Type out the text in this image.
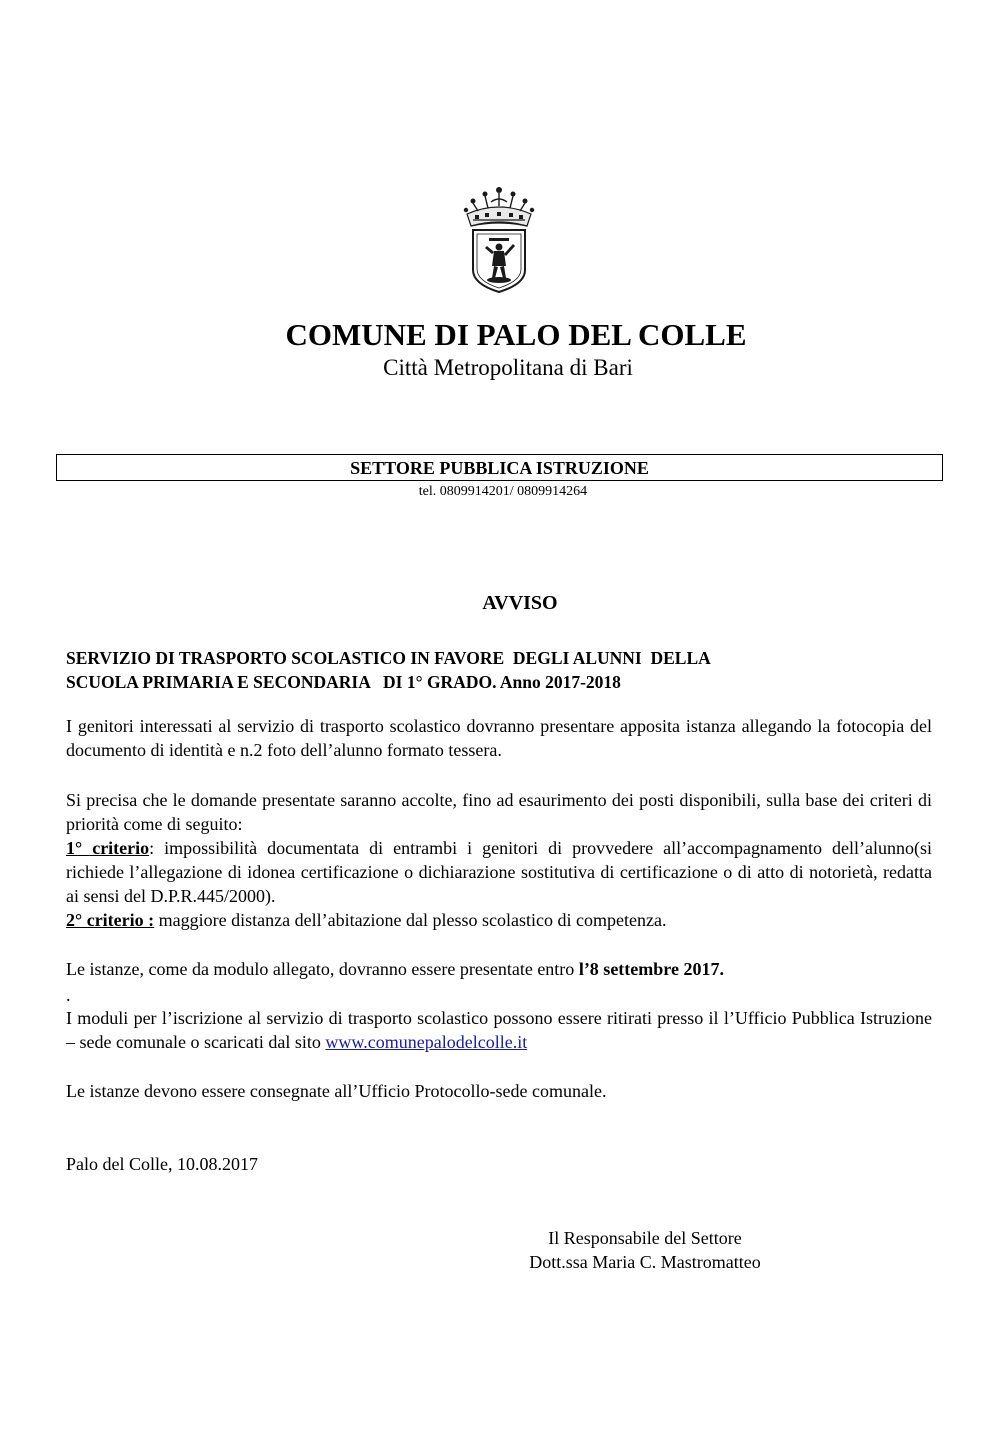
COMUNE DI PALO DEL COLLE
Città Metropolitana di Bari
SETTORE PUBBLICA ISTRUZIONE
tel. 0809914201/ 0809914264
AVVISO
SERVIZIO DI TRASPORTO SCOLASTICO IN FAVORE  DEGLI ALUNNI  DELLA
SCUOLA PRIMARIA E SECONDARIA   DI 1° GRADO. Anno 2017-2018
I genitori interessati al servizio di trasporto scolastico dovranno presentare apposita istanza allegando la fotocopia del documento di identità e n.2 foto dell’alunno formato tessera.
Si precisa che le domande presentate saranno accolte, fino ad esaurimento dei posti disponibili, sulla base dei criteri di priorità come di seguito:
1° criterio: impossibilità documentata di entrambi i genitori di provvedere all’accompagnamento dell’alunno(si richiede l’allegazione di idonea certificazione o dichiarazione sostitutiva di certificazione o di atto di notorietà, redatta ai sensi del D.P.R.445/2000).
2° criterio : maggiore distanza dell’abitazione dal plesso scolastico di competenza.
Le istanze, come da modulo allegato, dovranno essere presentate entro l’8 settembre 2017.
.
I moduli per l’iscrizione al servizio di trasporto scolastico possono essere ritirati presso il l’Ufficio Pubblica Istruzione – sede comunale o scaricati dal sito www.comunepalodelcolle.it
Le istanze devono essere consegnate all’Ufficio Protocollo-sede comunale.
Palo del Colle, 10.08.2017
Il Responsabile del Settore
Dott.ssa Maria C. Mastromatteo
